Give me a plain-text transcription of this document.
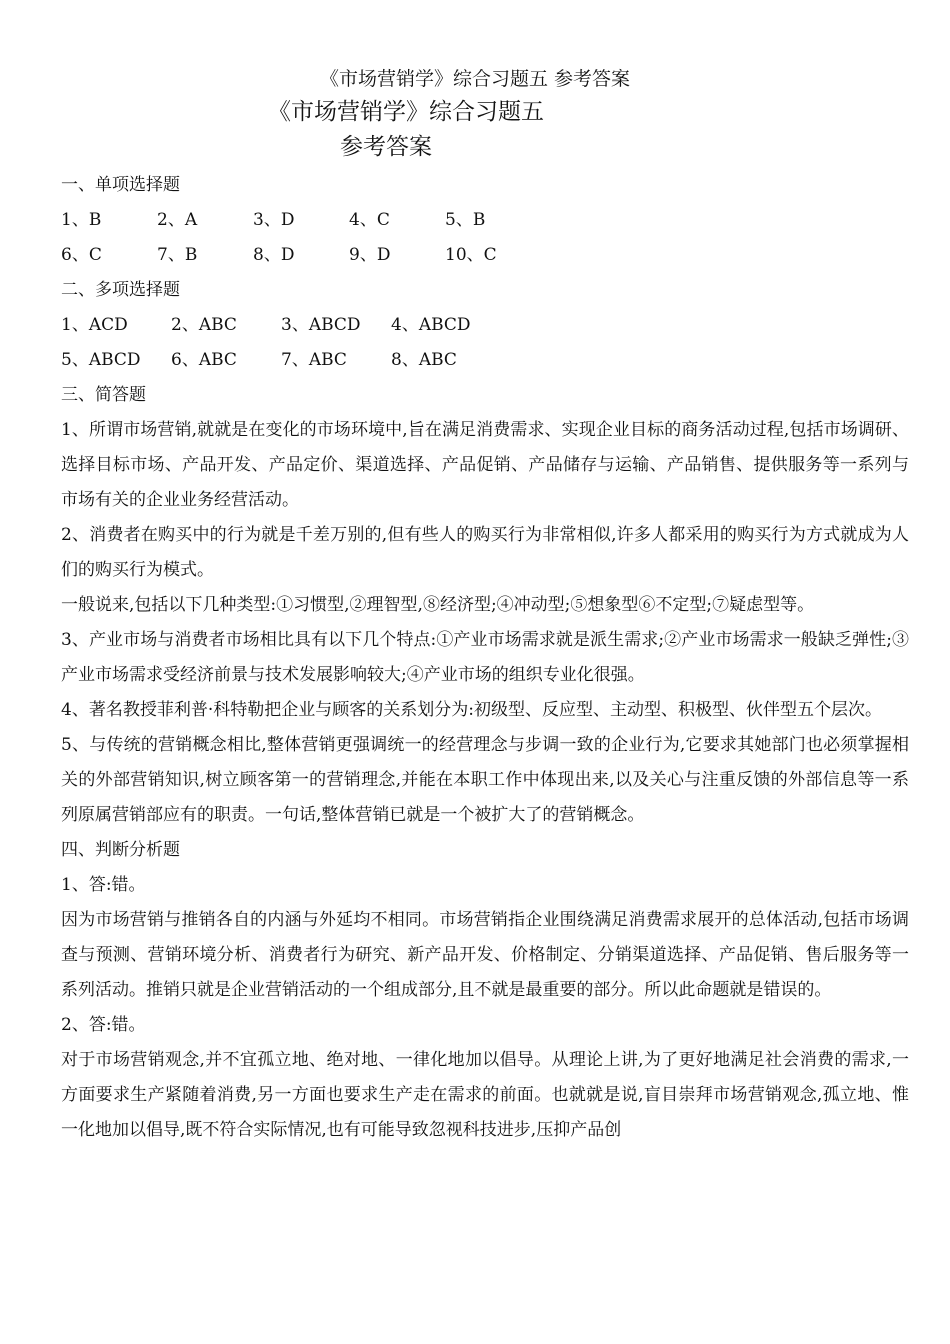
《市场营销学》综合习题五 参考答案
《市场营销学》综合习题五
参考答案
一、单项选择题
1、B	2、A	3、D	4、C	5、B
6、C	7、B	8、D	9、D	10、C
二、多项选择题
1、ACD	2、ABC	3、ABCD	4、ABCD
5、ABCD	6、ABC	7、ABC	8、ABC
三、简答题

1、所谓市场营销,就就是在变化的市场环境中,旨在满足消费需求、实现企业目标的商务活动过程,包括市场调研、选择目标市场、产品开发、产品定价、渠道选择、产品促销、产品储存与运输、产品销售、提供服务等一系列与市场有关的企业业务经营活动。

2、消费者在购买中的行为就是千差万别的,但有些人的购买行为非常相似,许多人都采用的购买行为方式就成为人们的购买行为模式。

一般说来,包括以下几种类型:①习惯型,②理智型,⑧经济型;④冲动型;⑤想象型⑥不定型;⑦疑虑型等。

3、产业市场与消费者市场相比具有以下几个特点:①产业市场需求就是派生需求;②产业市场需求一般缺乏弹性;③产业市场需求受经济前景与技术发展影响较大;④产业市场的组织专业化很强。

4、著名教授菲利普·科特勒把企业与顾客的关系划分为:初级型、反应型、主动型、积极型、伙伴型五个层次。

5、与传统的营销概念相比,整体营销更强调统一的经营理念与步调一致的企业行为,它要求其她部门也必须掌握相关的外部营销知识,树立顾客第一的营销理念,并能在本职工作中体现出来,以及关心与注重反馈的外部信息等一系列原属营销部应有的职责。一句话,整体营销已就是一个被扩大了的营销概念。

四、判断分析题

1、答:错。

因为市场营销与推销各自的内涵与外延均不相同。市场营销指企业围绕满足消费需求展开的总体活动,包括市场调查与预测、营销环境分析、消费者行为研究、新产品开发、价格制定、分销渠道选择、产品促销、售后服务等一系列活动。推销只就是企业营销活动的一个组成部分,且不就是最重要的部分。所以此命题就是错误的。

2、答:错。

对于市场营销观念,并不宜孤立地、绝对地、一律化地加以倡导。从理论上讲,为了更好地满足社会消费的需求,一方面要求生产紧随着消费,另一方面也要求生产走在需求的前面。也就就是说,盲目崇拜市场营销观念,孤立地、惟一化地加以倡导,既不符合实际情况,也有可能导致忽视科技进步,压抑产品创
